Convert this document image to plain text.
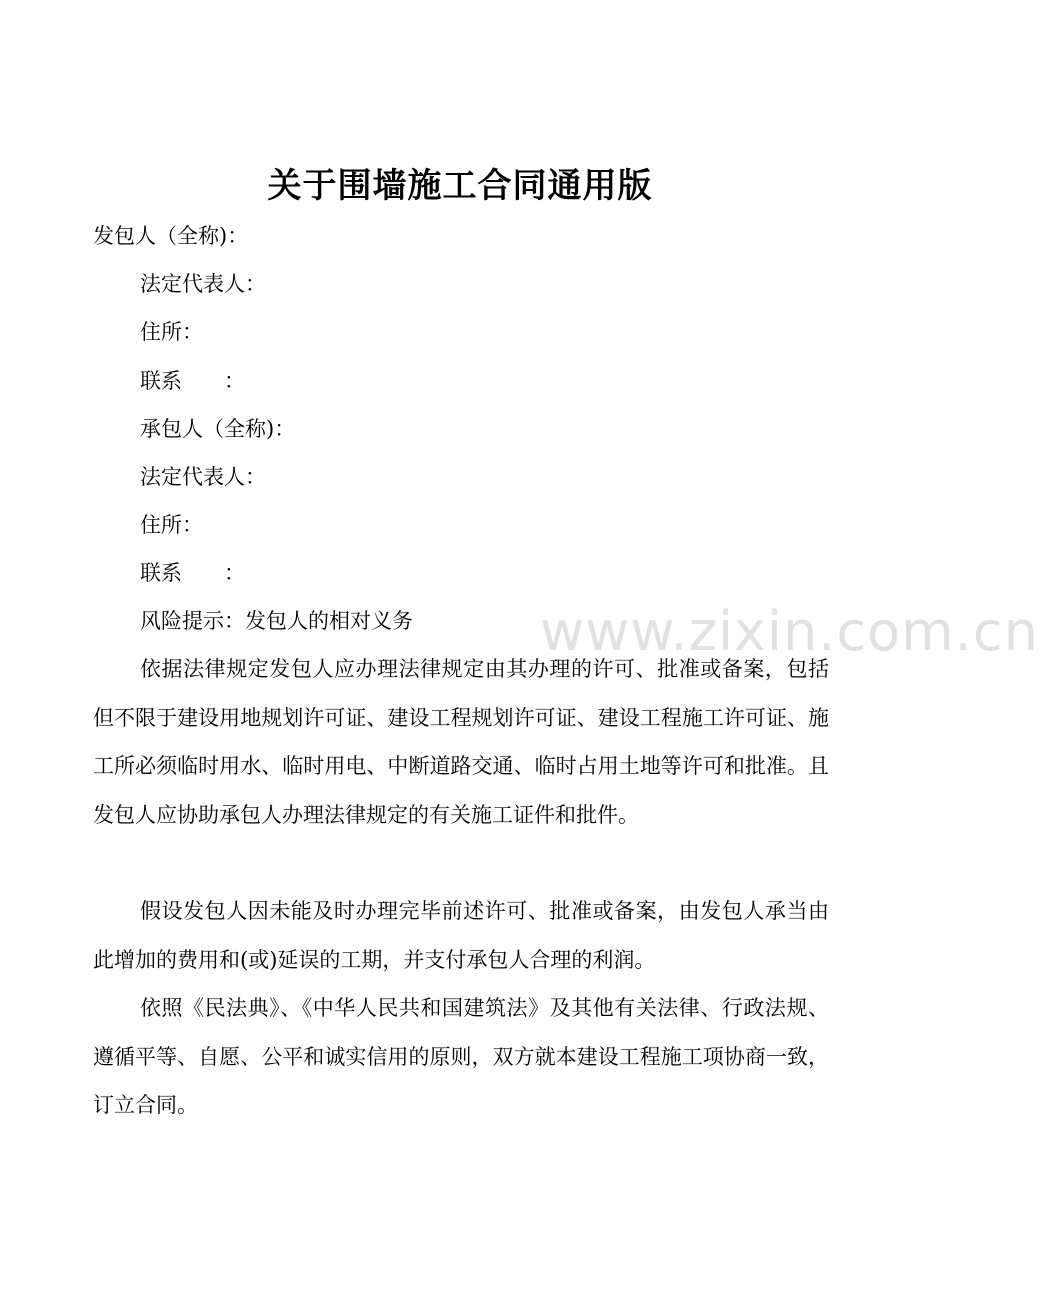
www.zixin.com.cn
关于围墙施工合同通用版
发包人（全称)：
法定代表人：
住所：
联系　　：
承包人（全称)：
法定代表人：
住所：
联系　　：
风险提示：发包人的相对义务
依据法律规定发包人应办理法律规定由其办理的许可、批准或备案，包括但不限于建设用地规划许可证、建设工程规划许可证、建设工程施工许可证、施工所必须临时用水、临时用电、中断道路交通、临时占用土地等许可和批准。且发包人应协助承包人办理法律规定的有关施工证件和批件。
假设发包人因未能及时办理完毕前述许可、批准或备案，由发包人承当由此增加的费用和(或)延误的工期，并支付承包人合理的利润。
依照《民法典》、《中华人民共和国建筑法》及其他有关法律、行政法规、遵循平等、自愿、公平和诚实信用的原则，双方就本建设工程施工项协商一致，订立合同。
